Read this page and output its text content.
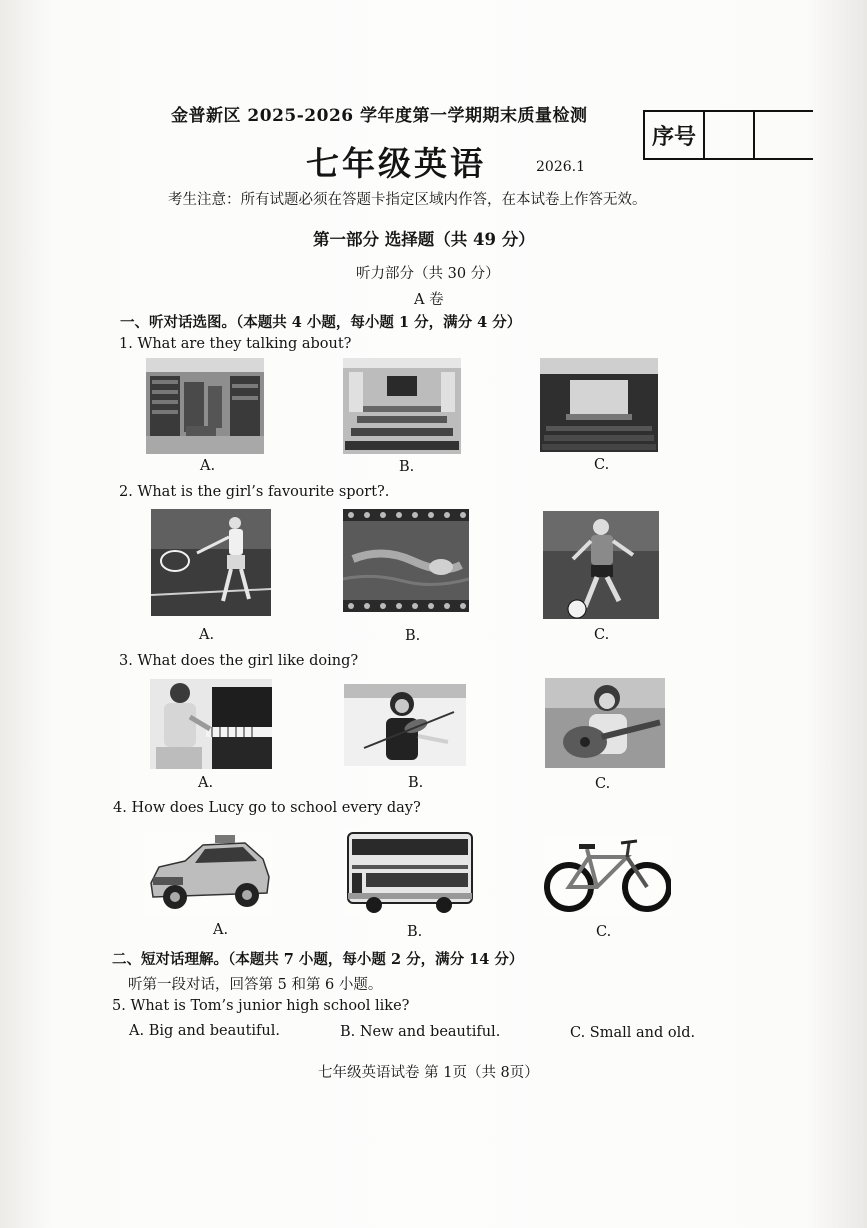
金普新区 2025-2026 学年度第一学期期末质量检测
序号
七年级英语	2026.1
考生注意：所有试题必须在答题卡指定区域内作答，在本试卷上作答无效。
第一部分 选择题（共 49 分）
听力部分（共 30 分）
A 卷
一、听对话选图。（本题共 4 小题，每小题 1 分，满分 4 分）
1. What are they talking about?
A.	B.	C.
2. What is the girl’s favourite sport?.
A.	B.	C.
3. What does the girl like doing?
A.	B.	C.
4. How does Lucy go to school every day?
A.	B.	C.
二、短对话理解。（本题共 7 小题，每小题 2 分，满分 14 分）
听第一段对话，回答第 5 和第 6 小题。
5. What is Tom’s junior high school like?
A. Big and beautiful.	B. New and beautiful.	C. Small and old.
七年级英语试卷 第 1页（共 8页）
